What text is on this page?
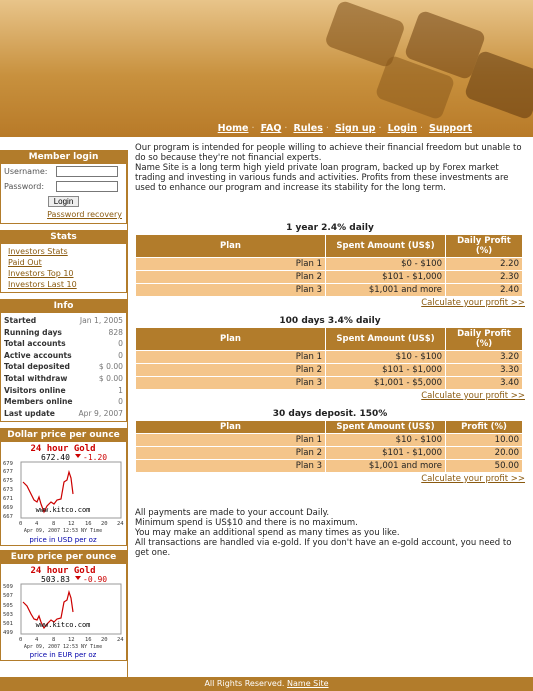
Home · FAQ · Rules · Sign up · Login · Support
Member login
Username:
Password:
Login
Password recovery
Stats
Investors Stats
Paid Out
Investors Top 10
Investors Last 10
Info
Started	Jan 1, 2005
Running days	828
Total accounts	0
Active accounts	0
Total deposited	$ 0.00
Total withdraw	$ 0.00
Visitors online	1
Members online	0
Last update	Apr 9, 2007
Dollar price per ounce
24 hour Gold
672.40 -1.20
679
677
675
673
671
669
667
0 4 8 12 16 20 24
www.kitco.com
Apr 09, 2007 12:53 NY Time
price in USD per oz
Euro price per ounce
24 hour Gold
503.83 -0.90
509
507
505
503
501
499
0 4 8 12 16 20 24
www.kitco.com
Apr 09, 2007 12:53 NY Time
price in EUR per oz

Our program is intended for people willing to achieve their financial freedom but unable to do so because they're not financial experts.

Name Site is a long term high yield private loan program, backed up by Forex market trading and investing in various funds and activities. Profits from these investments are used to enhance our program and increase its stability for the long term.

1 year 2.4% daily
Plan	Spent Amount (US$)	Daily Profit (%)
Plan 1	$0 - $100	2.20
Plan 2	$101 - $1,000	2.30
Plan 3	$1,001 and more	2.40
Calculate your profit >>
100 days 3.4% daily
Plan	Spent Amount (US$)	Daily Profit (%)
Plan 1	$10 - $100	3.20
Plan 2	$101 - $1,000	3.30
Plan 3	$1,001 - $5,000	3.40
Calculate your profit >>
30 days deposit. 150%
Plan	Spent Amount (US$)	Profit (%)
Plan 1	$10 - $100	10.00
Plan 2	$101 - $1,000	20.00
Plan 3	$1,001 and more	50.00
Calculate your profit >>

All payments are made to your account Daily.

Minimum spend is US$10 and there is no maximum.

You may make an additional spend as many times as you like.

All transactions are handled via e-gold. If you don't have an e-gold account, you need to get one.

All Rights Reserved. Name Site
